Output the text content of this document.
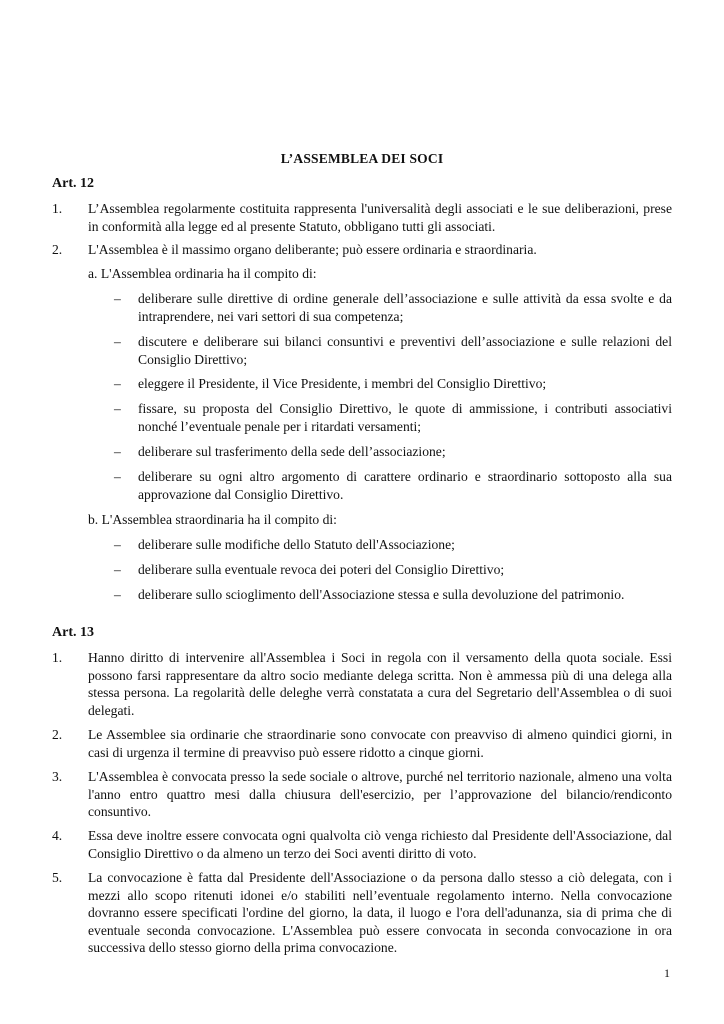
L’ASSEMBLEA DEI SOCI
Art. 12
1. L’Assemblea regolarmente costituita rappresenta l'universalità degli associati e le sue deliberazioni, prese in conformità alla legge ed al presente Statuto, obbligano tutti gli associati.
2. L'Assemblea è il massimo organo deliberante; può essere ordinaria e straordinaria.
a. L'Assemblea ordinaria ha il compito di:
– deliberare sulle direttive di ordine generale dell’associazione e sulle attività da essa svolte e da intraprendere, nei vari settori di sua competenza;
– discutere e deliberare sui bilanci consuntivi e preventivi dell’associazione e sulle relazioni del Consiglio Direttivo;
– eleggere il Presidente, il Vice Presidente, i membri del Consiglio Direttivo;
– fissare, su proposta del Consiglio Direttivo, le quote di ammissione, i contributi associativi nonché l’eventuale penale per i ritardati versamenti;
– deliberare sul trasferimento della sede dell’associazione;
– deliberare su ogni altro argomento di carattere ordinario e straordinario sottoposto alla sua approvazione dal Consiglio Direttivo.
b. L'Assemblea straordinaria ha il compito di:
– deliberare sulle modifiche dello Statuto dell'Associazione;
– deliberare sulla eventuale revoca dei poteri del Consiglio Direttivo;
– deliberare sullo scioglimento dell'Associazione stessa e sulla devoluzione del patrimonio.
Art. 13
1. Hanno diritto di intervenire all'Assemblea i Soci in regola con il versamento della quota sociale. Essi possono farsi rappresentare da altro socio mediante delega scritta. Non è ammessa più di una delega alla stessa persona. La regolarità delle deleghe verrà constatata a cura del Segretario dell'Assemblea o di suoi delegati.
2. Le Assemblee sia ordinarie che straordinarie sono convocate con preavviso di almeno quindici giorni, in casi di urgenza il termine di preavviso può essere ridotto a cinque giorni.
3. L'Assemblea è convocata presso la sede sociale o altrove, purché nel territorio nazionale, almeno una volta l'anno entro quattro mesi dalla chiusura dell'esercizio, per l’approvazione del bilancio/rendiconto consuntivo.
4. Essa deve inoltre essere convocata ogni qualvolta ciò venga richiesto dal Presidente dell'Associazione, dal Consiglio Direttivo o da almeno un terzo dei Soci aventi diritto di voto.
5. La convocazione è fatta dal Presidente dell'Associazione o da persona dallo stesso a ciò delegata, con i mezzi allo scopo ritenuti idonei e/o stabiliti nell’eventuale regolamento interno. Nella convocazione dovranno essere specificati l'ordine del giorno, la data, il luogo e l'ora dell'adunanza, sia di prima che di eventuale seconda convocazione. L'Assemblea può essere convocata in seconda convocazione in ora successiva dello stesso giorno della prima convocazione.
1
